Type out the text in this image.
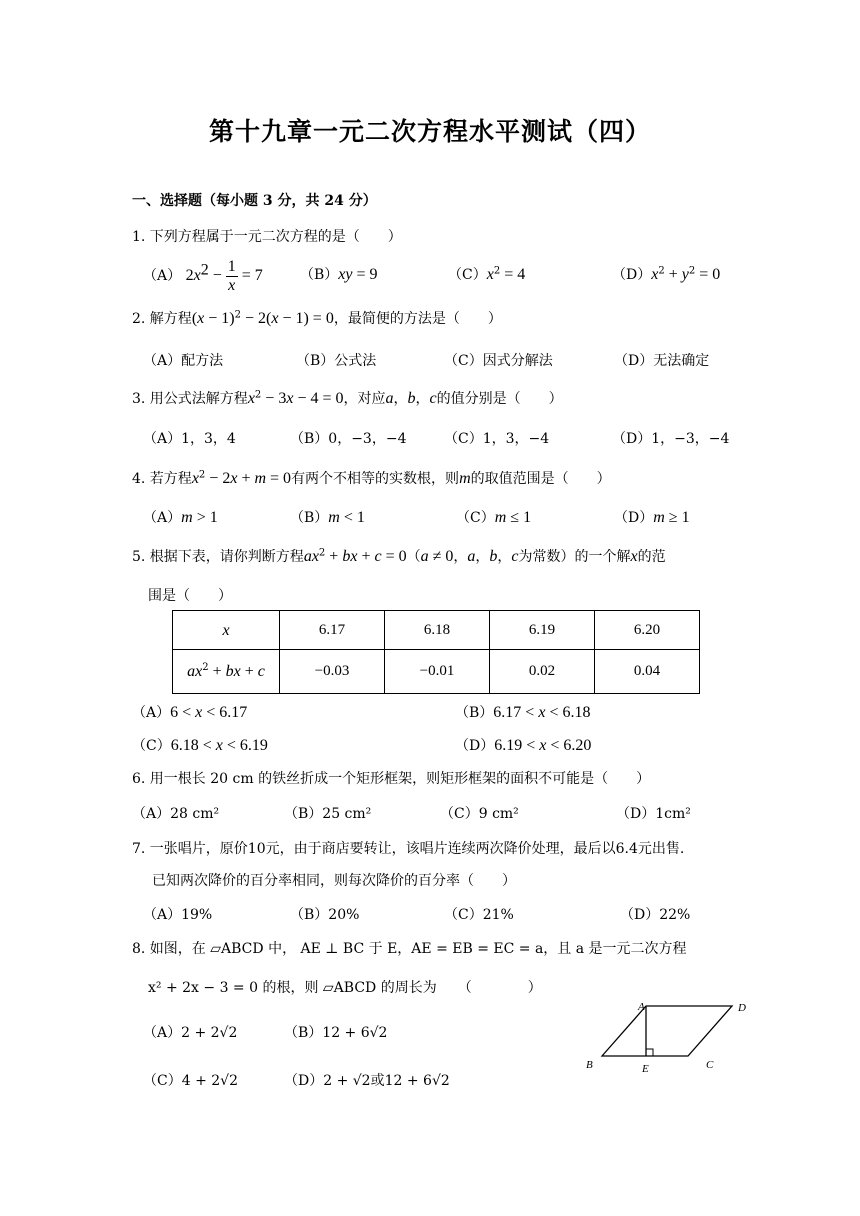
第十九章一元二次方程水平测试（四）
一、选择题（每小题 3 分，共 24 分）
1. 下列方程属于一元二次方程的是（　　）
（A） $2x^2 - \frac{1}{x} = 7$	（B）xy = 9	$(C)x^2 = 4$	$(D)x^2 + y^2 = 0$
2. 解方程$(x - 1)^2 - 2(x - 1) = 0$，最简便的方法是（　　）
（A）配方法	（B）公式法	（C）因式分解法	（D）无法确定
3. 用公式法解方程$x^2 - 3x - 4 = 0$，对应a，b，c的值分别是（　　）
（A）1，3，4	（B）0，−3，−4	（C）1，3，−4	（D）1，−3，−4
4. 若方程$x^2 - 2x + m = 0$有两个不相等的实数根，则m的取值范围是（　　）
（A）m > 1	（B）m < 1	（C）m ≤ 1	（D）m ≥ 1
5. 根据下表，请你判断方程$ax^2$ + bx + c = 0（a ≠ 0，a，b，c为常数）的一个解x的范
围是（　　）
x	6.17	6.18	6.19	6.20
$ax^2$ + bx + c	−0.03	−0.01	0.02	0.04
（A）6 < x < 6.17	（B）6.17 < x < 6.18
（C）6.18 < x < 6.19	（D）6.19 < x < 6.20
6. 用一根长 20 cm 的铁丝折成一个矩形框架，则矩形框架的面积不可能是（　　）
（A）28 cm²	（B）25 cm²	（C）9 cm²	（D）1cm²
7. 一张唱片，原价10元，由于商店要转让，该唱片连续两次降价处理，最后以6.4元出售.
已知两次降价的百分率相同，则每次降价的百分率（　　）
（A）19%	（B）20%	（C）21%	（D）22%
8. 如图，在 ▱ABCD 中， AE ⊥ BC 于 E，AE = EB = EC = a，且 a 是一元二次方程
x² + 2x − 3 = 0 的根，则 ▱ABCD 的周长为　　（　　　　）
（A）2 + 2√2	（B）12 + 6√2
（C）4 + 2√2	（D）2 + √2或12 + 6√2
A	D
B	E	C
